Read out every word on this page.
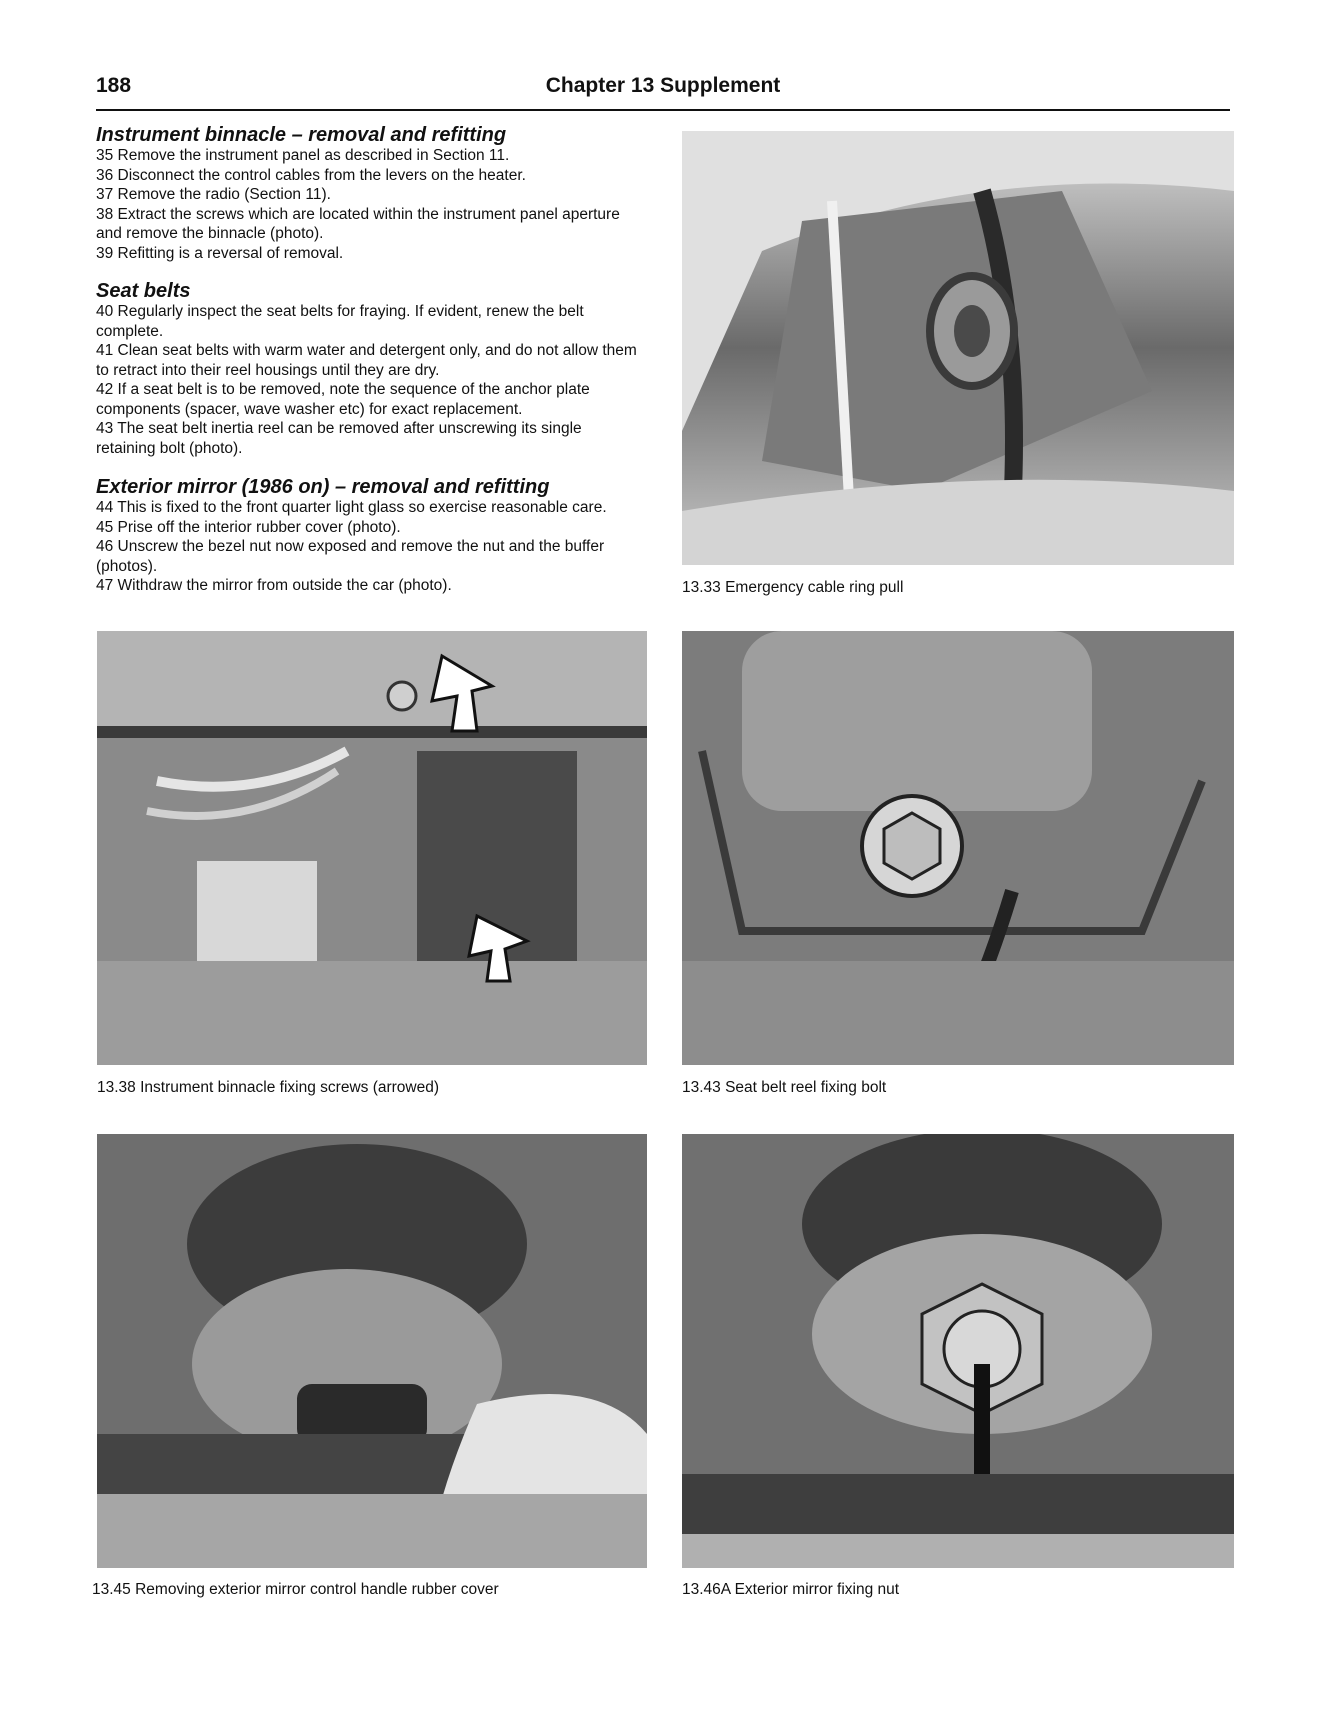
188	Chapter 13 Supplement
Instrument binnacle – removal and refitting

35 Remove the instrument panel as described in Section 11.

36 Disconnect the control cables from the levers on the heater.

37 Remove the radio (Section 11).

38 Extract the screws which are located within the instrument panel aperture and remove the binnacle (photo).

39 Refitting is a reversal of removal.

Seat belts

40 Regularly inspect the seat belts for fraying. If evident, renew the belt complete.

41 Clean seat belts with warm water and detergent only, and do not allow them to retract into their reel housings until they are dry.

42 If a seat belt is to be removed, note the sequence of the anchor plate components (spacer, wave washer etc) for exact replacement.

43 The seat belt inertia reel can be removed after unscrewing its single retaining bolt (photo).

Exterior mirror (1986 on) – removal and refitting

44 This is fixed to the front quarter light glass so exercise reasonable care.

45 Prise off the interior rubber cover (photo).

46 Unscrew the bezel nut now exposed and remove the nut and the buffer (photos).

47 Withdraw the mirror from outside the car (photo).	13.33 Emergency cable ring pull
13.38 Instrument binnacle fixing screws (arrowed)	13.43 Seat belt reel fixing bolt
13.45 Removing exterior mirror control handle rubber cover	13.46A Exterior mirror fixing nut
